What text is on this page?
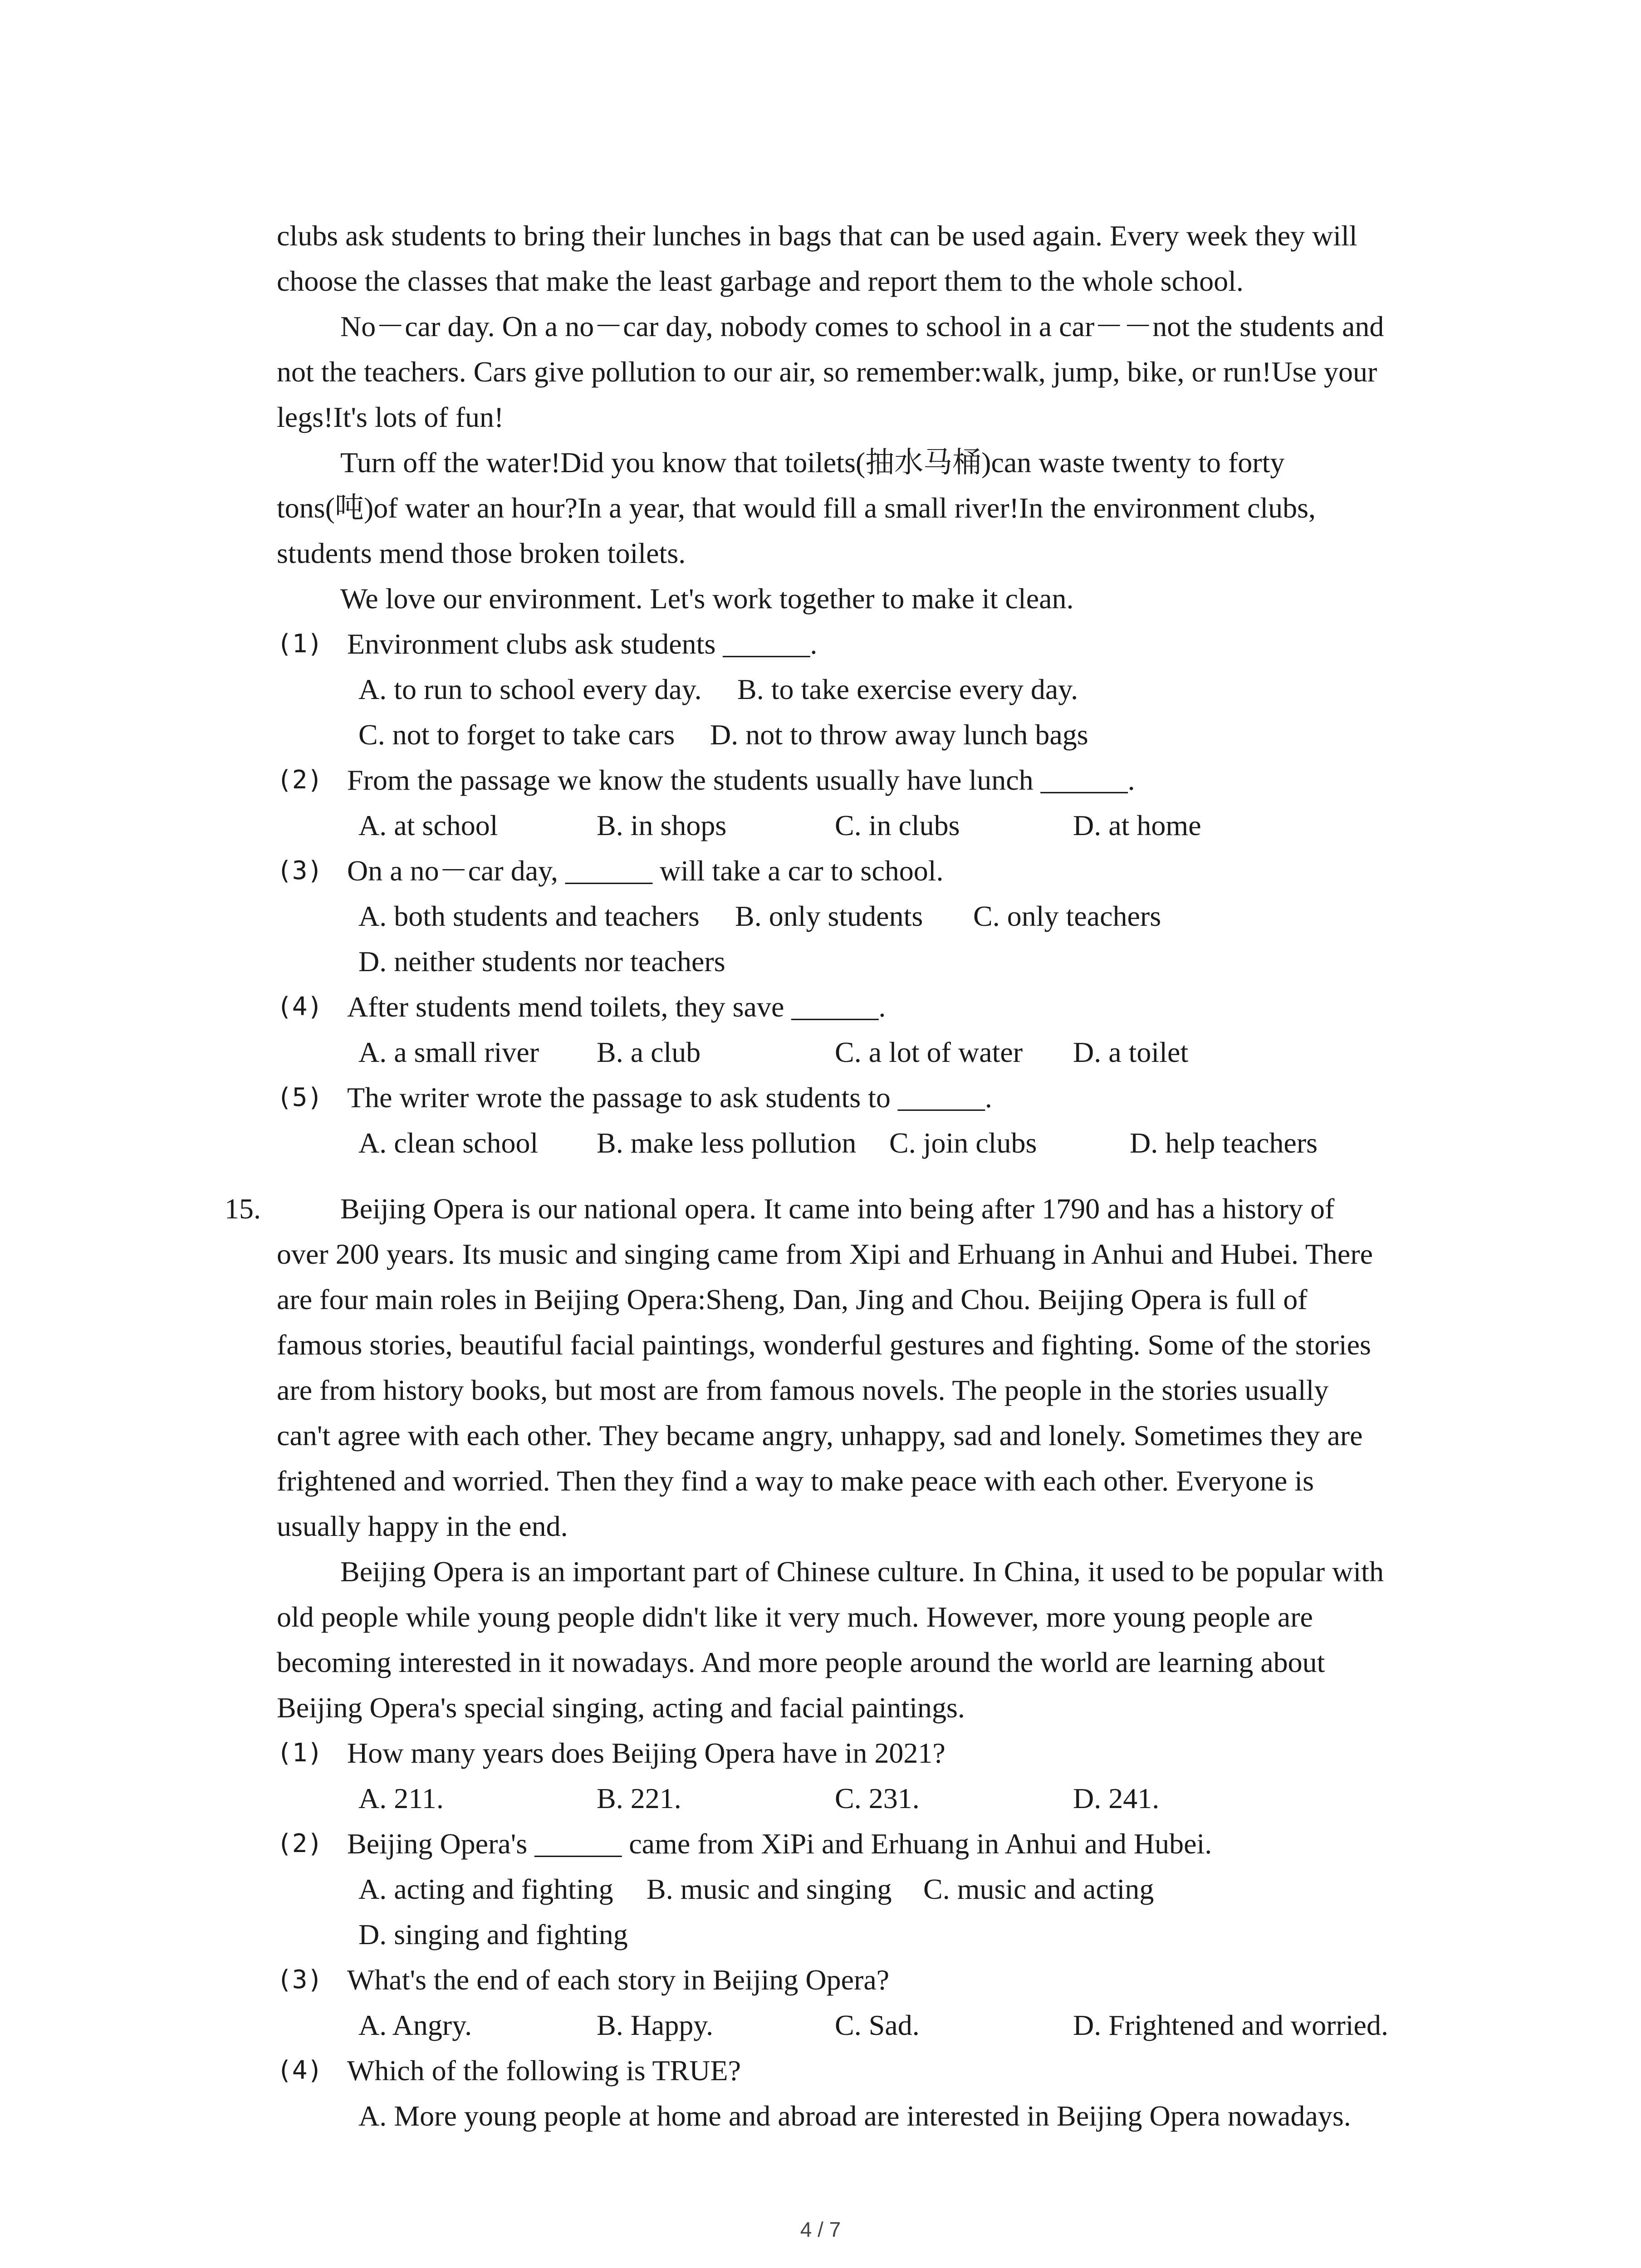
clubs ask students to bring their lunches in bags that can be used again. Every week they will
choose the classes that make the least garbage and report them to the whole school.
No－car day. On a no－car day, nobody comes to school in a car－－not the students and
not the teachers. Cars give pollution to our air, so remember:walk, jump, bike, or run!Use your
legs!It's lots of fun!
Turn off the water!Did you know that toilets(抽水马桶)can waste twenty to forty
tons(吨)of water an hour?In a year, that would fill a small river!In the environment clubs,
students mend those broken toilets.
We love our environment. Let's work together to make it clean.
(1) Environment clubs ask students ______.
A. to run to school every day. B. to take exercise every day.
C. not to forget to take cars D. not to throw away lunch bags
(2) From the passage we know the students usually have lunch ______.
A. at school	B. in shops	C. in clubs	D. at home
(3) On a no－car day, ______ will take a car to school.
A. both students and teachers B. only students C. only teachers
D. neither students nor teachers
(4) After students mend toilets, they save ______.
A. a small river B. a club	C. a lot of water D. a toilet
(5) The writer wrote the passage to ask students to ______.
A. clean school B. make less pollution C. join clubs	D. help teachers
15.	Beijing Opera is our national opera. It came into being after 1790 and has a history of
over 200 years. Its music and singing came from Xipi and Erhuang in Anhui and Hubei. There
are four main roles in Beijing Opera:Sheng, Dan, Jing and Chou. Beijing Opera is full of
famous stories, beautiful facial paintings, wonderful gestures and fighting. Some of the stories
are from history books, but most are from famous novels. The people in the stories usually
can't agree with each other. They became angry, unhappy, sad and lonely. Sometimes they are
frightened and worried. Then they find a way to make peace with each other. Everyone is
usually happy in the end.
Beijing Opera is an important part of Chinese culture. In China, it used to be popular with
old people while young people didn't like it very much. However, more young people are
becoming interested in it nowadays. And more people around the world are learning about
Beijing Opera's special singing, acting and facial paintings.
(1) How many years does Beijing Opera have in 2021?
A. 211.	B. 221.	C. 231.	D. 241.
(2) Beijing Opera's ______ came from XiPi and Erhuang in Anhui and Hubei.
A. acting and fighting B. music and singing C. music and acting
D. singing and fighting
(3) What's the end of each story in Beijing Opera?
A. Angry.	B. Happy.	C. Sad.	D. Frightened and worried.
(4) Which of the following is TRUE?
A. More young people at home and abroad are interested in Beijing Opera nowadays.
4 / 7
